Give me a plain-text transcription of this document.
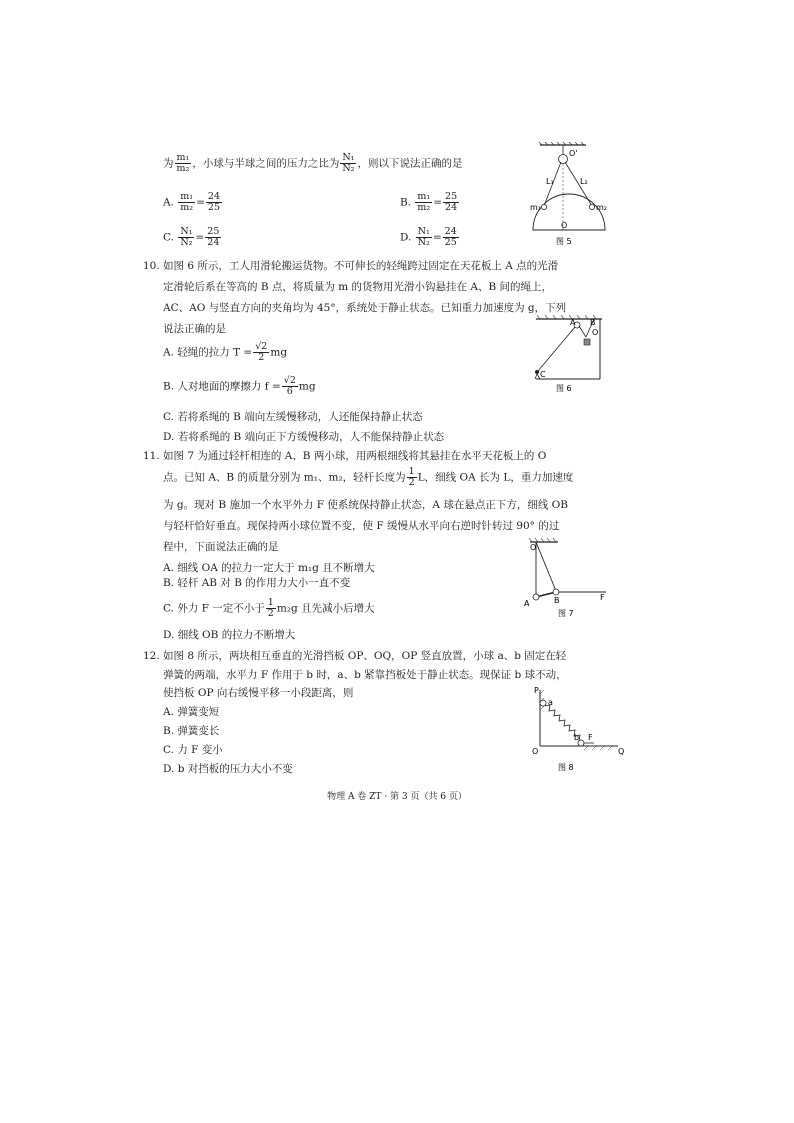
为 $\frac{\text{m₁}}{\text{m₂}}$ ，小球与半球之间的压力之比为 $\frac{\text{N₁}}{\text{N₂}}$ ，则以下说法正确的是
A. $\frac{\text{m₁}}{\text{m₂}} = \frac{24}{25}$	B. $\frac{\text{m₁}}{\text{m₂}} = \frac{25}{24}$
C. $\frac{\text{N₁}}{\text{N₂}} = \frac{25}{24}$	D. $\frac{\text{N₁}}{\text{N₂}} = \frac{24}{25}$
O'
L₁	L₂
m₁	m₂
O
图 5
10. 如图 6 所示，工人用滑轮搬运货物。不可伸长的轻绳跨过固定在天花板上 A 点的光滑
定滑轮后系在等高的 B 点，将质量为 m 的货物用光滑小钩悬挂在 A、B 间的绳上，
AC、AO 与竖直方向的夹角均为 45°，系统处于静止状态。已知重力加速度为 g，下列
说法正确的是
A. 轻绳的拉力 $T = \frac{√2}{2}$ mg
B. 人对地面的摩擦力 $f = \frac{√2}{6}$ mg
C. 若将系绳的 B 端向左缓慢移动，人还能保持静止状态
D. 若将系绳的 B 端向正下方缓慢移动，人不能保持静止状态
A B
O
C
图 6
11. 如图 7 为通过轻杆相连的 A、B 两小球，用两根细线将其悬挂在水平天花板上的 O
点。已知 A、B 的质量分别为 m₁、m₂，轻杆长度为 $\frac{1}{2}$ L，细线 OA 长为 L，重力加速度
为 g。现对 B 施加一个水平外力 F 使系统保持静止状态，A 球在悬点正下方，细线 OB
与轻杆恰好垂直。现保持两小球位置不变，使 F 缓慢从水平向右逆时针转过 90° 的过
程中，下面说法正确的是
A. 细线 OA 的拉力一定大于 m₁g 且不断增大
B. 轻杆 AB 对 B 的作用力大小一直不变
C. 外力 F 一定不小于 $\frac{1}{2} m_2g$ 且先减小后增大
D. 细线 OB 的拉力不断增大
O
A	B	F
图 7
12. 如图 8 所示，两块相互垂直的光滑挡板 OP、OQ，OP 竖直放置，小球 a、b 固定在轻
弹簧的两端，水平力 F 作用于 b 时，a、b 紧靠挡板处于静止状态。现保证 b 球不动，
使挡板 OP 向右缓慢平移一小段距离，则
A. 弹簧变短
B. 弹簧变长
C. 力 F 变小
D. b 对挡板的压力大小不变
P
a
b F
O	Q
图 8
物理 A 卷 ZT · 第 3 页（共 6 页）
